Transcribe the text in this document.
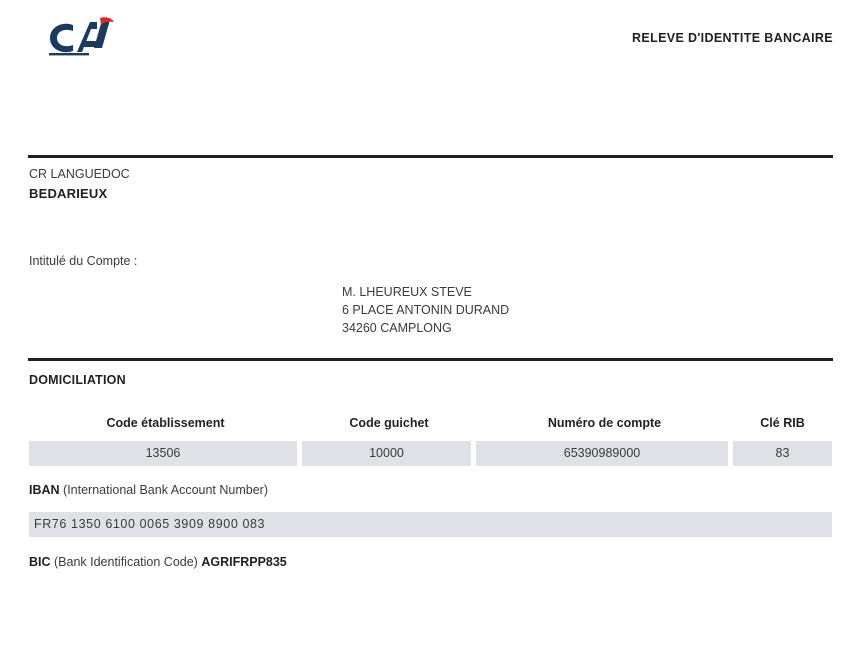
RELEVE D'IDENTITE BANCAIRE
CR LANGUEDOC
BEDARIEUX
Intitulé du Compte :
M. LHEUREUX STEVE
6 PLACE ANTONIN DURAND
34260 CAMPLONG
DOMICILIATION
Code établissement	Code guichet	Numéro de compte	Clé RIB
13506	10000	65390989000	83
IBAN (International Bank Account Number)
FR76 1350 6100 0065 3909 8900 083
BIC (Bank Identification Code) AGRIFRPP835
